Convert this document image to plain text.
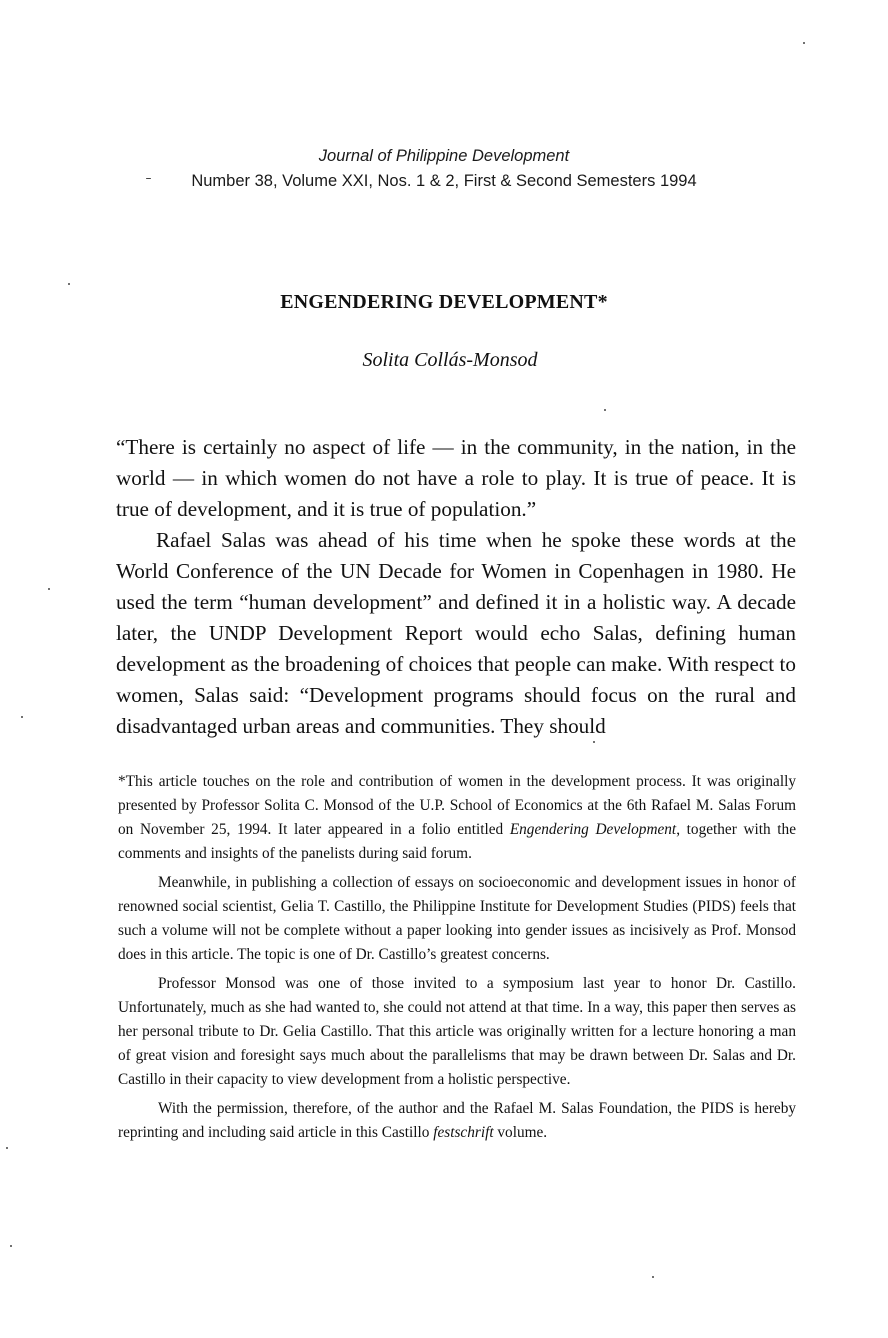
Journal of Philippine Development
Number 38, Volume XXI, Nos. 1 & 2, First & Second Semesters 1994
ENGENDERING DEVELOPMENT*
Solita Collás-Monsod

“There is certainly no aspect of life — in the community, in the nation, in the world — in which women do not have a role to play. It is true of peace. It is true of development, and it is true of population.”

Rafael Salas was ahead of his time when he spoke these words at the World Conference of the UN Decade for Women in Copenhagen in 1980. He used the term “human development” and defined it in a holistic way. A decade later, the UNDP Development Report would echo Salas, defining human development as the broadening of choices that people can make. With respect to women, Salas said: “Development programs should focus on the rural and disadvantaged urban areas and communities. They should

*This article touches on the role and contribution of women in the development process. It was originally presented by Professor Solita C. Monsod of the U.P. School of Economics at the 6th Rafael M. Salas Forum on November 25, 1994. It later appeared in a folio entitled Engendering Development, together with the comments and insights of the panelists during said forum.

Meanwhile, in publishing a collection of essays on socioeconomic and development issues in honor of renowned social scientist, Gelia T. Castillo, the Philippine Institute for Development Studies (PIDS) feels that such a volume will not be complete without a paper looking into gender issues as incisively as Prof. Monsod does in this article. The topic is one of Dr. Castillo’s greatest concerns.

Professor Monsod was one of those invited to a symposium last year to honor Dr. Castillo. Unfortunately, much as she had wanted to, she could not attend at that time. In a way, this paper then serves as her personal tribute to Dr. Gelia Castillo. That this article was originally written for a lecture honoring a man of great vision and foresight says much about the parallelisms that may be drawn between Dr. Salas and Dr. Castillo in their capacity to view development from a holistic perspective.

With the permission, therefore, of the author and the Rafael M. Salas Foundation, the PIDS is hereby reprinting and including said article in this Castillo festschrift volume.
